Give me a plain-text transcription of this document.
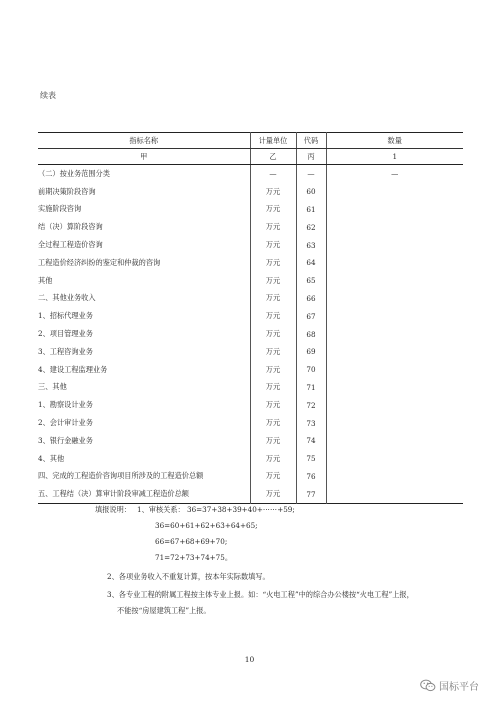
续表
指标名称	计量单位	代码	数量
甲	乙	丙	1
（二）按业务范围分类	—	—	—
前期决策阶段咨询	万元	60	
实施阶段咨询	万元	61	
结（决）算阶段咨询	万元	62	
全过程工程造价咨询	万元	63	
工程造价经济纠纷的鉴定和仲裁的咨询	万元	64	
其他	万元	65	
二、其他业务收入	万元	66	
1、招标代理业务	万元	67	
2、项目管理业务	万元	68	
3、工程咨询业务	万元	69	
4、建设工程监理业务	万元	70	
三、其他	万元	71	
1、勘察设计业务	万元	72	
2、会计审计业务	万元	73	
3、银行金融业务	万元	74	
4、其他	万元	75	
四、完成的工程造价咨询项目所涉及的工程造价总额	万元	76	
五、工程结（决）算审计阶段审减工程造价总额	万元	77	
填报说明： 1、审核关系： 36=37+38+39+40+⋯⋯+59;
36=60+61+62+63+64+65;
66=67+68+69+70;
71=72+73+74+75。
2、各项业务收入不重复计算，按本年实际数填写。
3、各专业工程的附属工程按主体专业上报。如：“火电工程”中的综合办公楼按“火电工程”上报，
不能按“房屋建筑工程”上报。
10
国标平台
